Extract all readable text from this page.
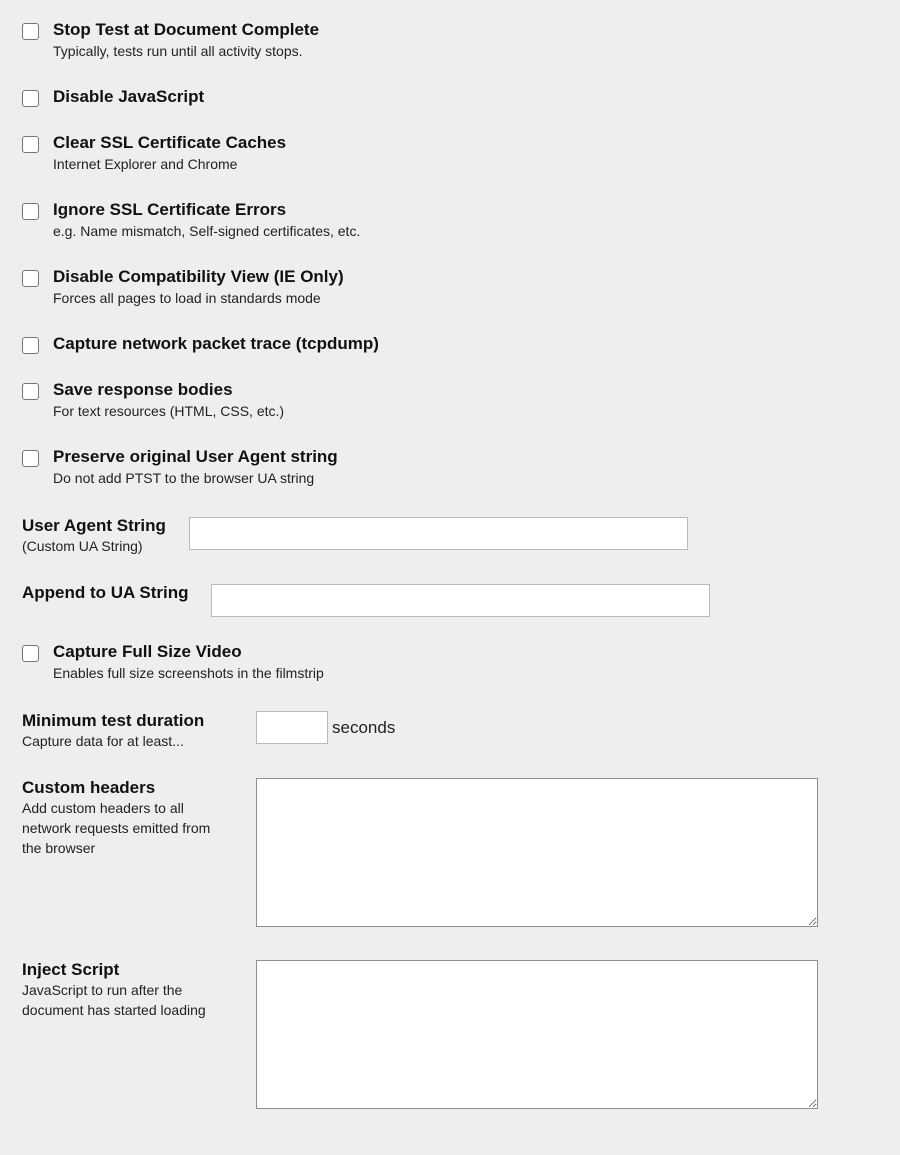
Stop Test at Document Complete
Typically, tests run until all activity stops.
Disable JavaScript
Clear SSL Certificate Caches
Internet Explorer and Chrome
Ignore SSL Certificate Errors
e.g. Name mismatch, Self-signed certificates, etc.
Disable Compatibility View (IE Only)
Forces all pages to load in standards mode
Capture network packet trace (tcpdump)
Save response bodies
For text resources (HTML, CSS, etc.)
Preserve original User Agent string
Do not add PTST to the browser UA string
User Agent String
(Custom UA String)
Append to UA String
Capture Full Size Video
Enables full size screenshots in the filmstrip
Minimum test duration
Capture data for at least...
seconds
Custom headers
Add custom headers to all network requests emitted from the browser
Inject Script
JavaScript to run after the document has started loading
